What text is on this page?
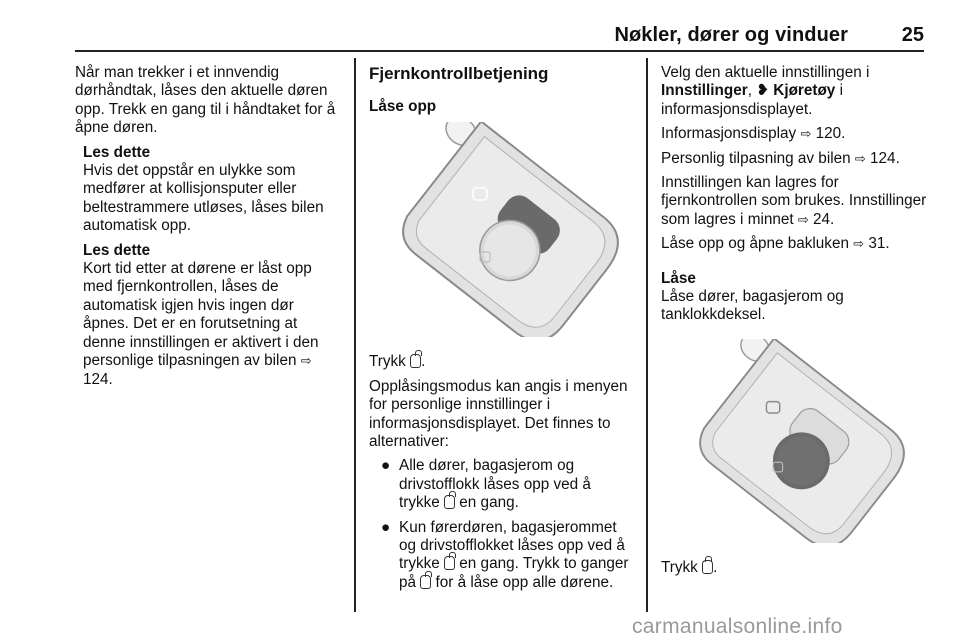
Nøkler, dører og vinduer	25

Når man trekker i et innvendig dørhåndtak, låses den aktuelle døren opp. Trekk en gang til i håndtaket for å åpne døren.

Les dette

Hvis det oppstår en ulykke som medfører at kollisjonsputer eller beltestrammere utløses, låses bilen automatisk opp.

Les dette

Kort tid etter at dørene er låst opp med fjernkontrollen, låses de automatisk igjen hvis ingen dør åpnes. Det er en forutsetning at denne innstillingen er aktivert i den personlige tilpasningen av bilen ⇨ 124.

Fjernkontrollbetjening
Låse opp

Trykk .

Opplåsingsmodus kan angis i menyen for personlige innstillinger i informasjonsdisplayet. Det finnes to alternativer:

● Alle dører, bagasjerom og drivstofflokk låses opp ved å trykke en gang.
● Kun førerdøren, bagasjerommet og drivstofflokket låses opp ved å trykke en gang. Trykk to ganger på for å låse opp alle dørene.

Velg den aktuelle innstillingen i Innstillinger, ❥ Kjøretøy i informasjonsdisplayet.

Informasjonsdisplay ⇨ 120.

Personlig tilpasning av bilen ⇨ 124.

Innstillingen kan lagres for fjernkontrollen som brukes. Innstillinger som lagres i minnet ⇨ 24.

Låse opp og åpne bakluken ⇨ 31.

Låse

Låse dører, bagasjerom og tanklokkdeksel.

Trykk .

carmanualsonline.info
